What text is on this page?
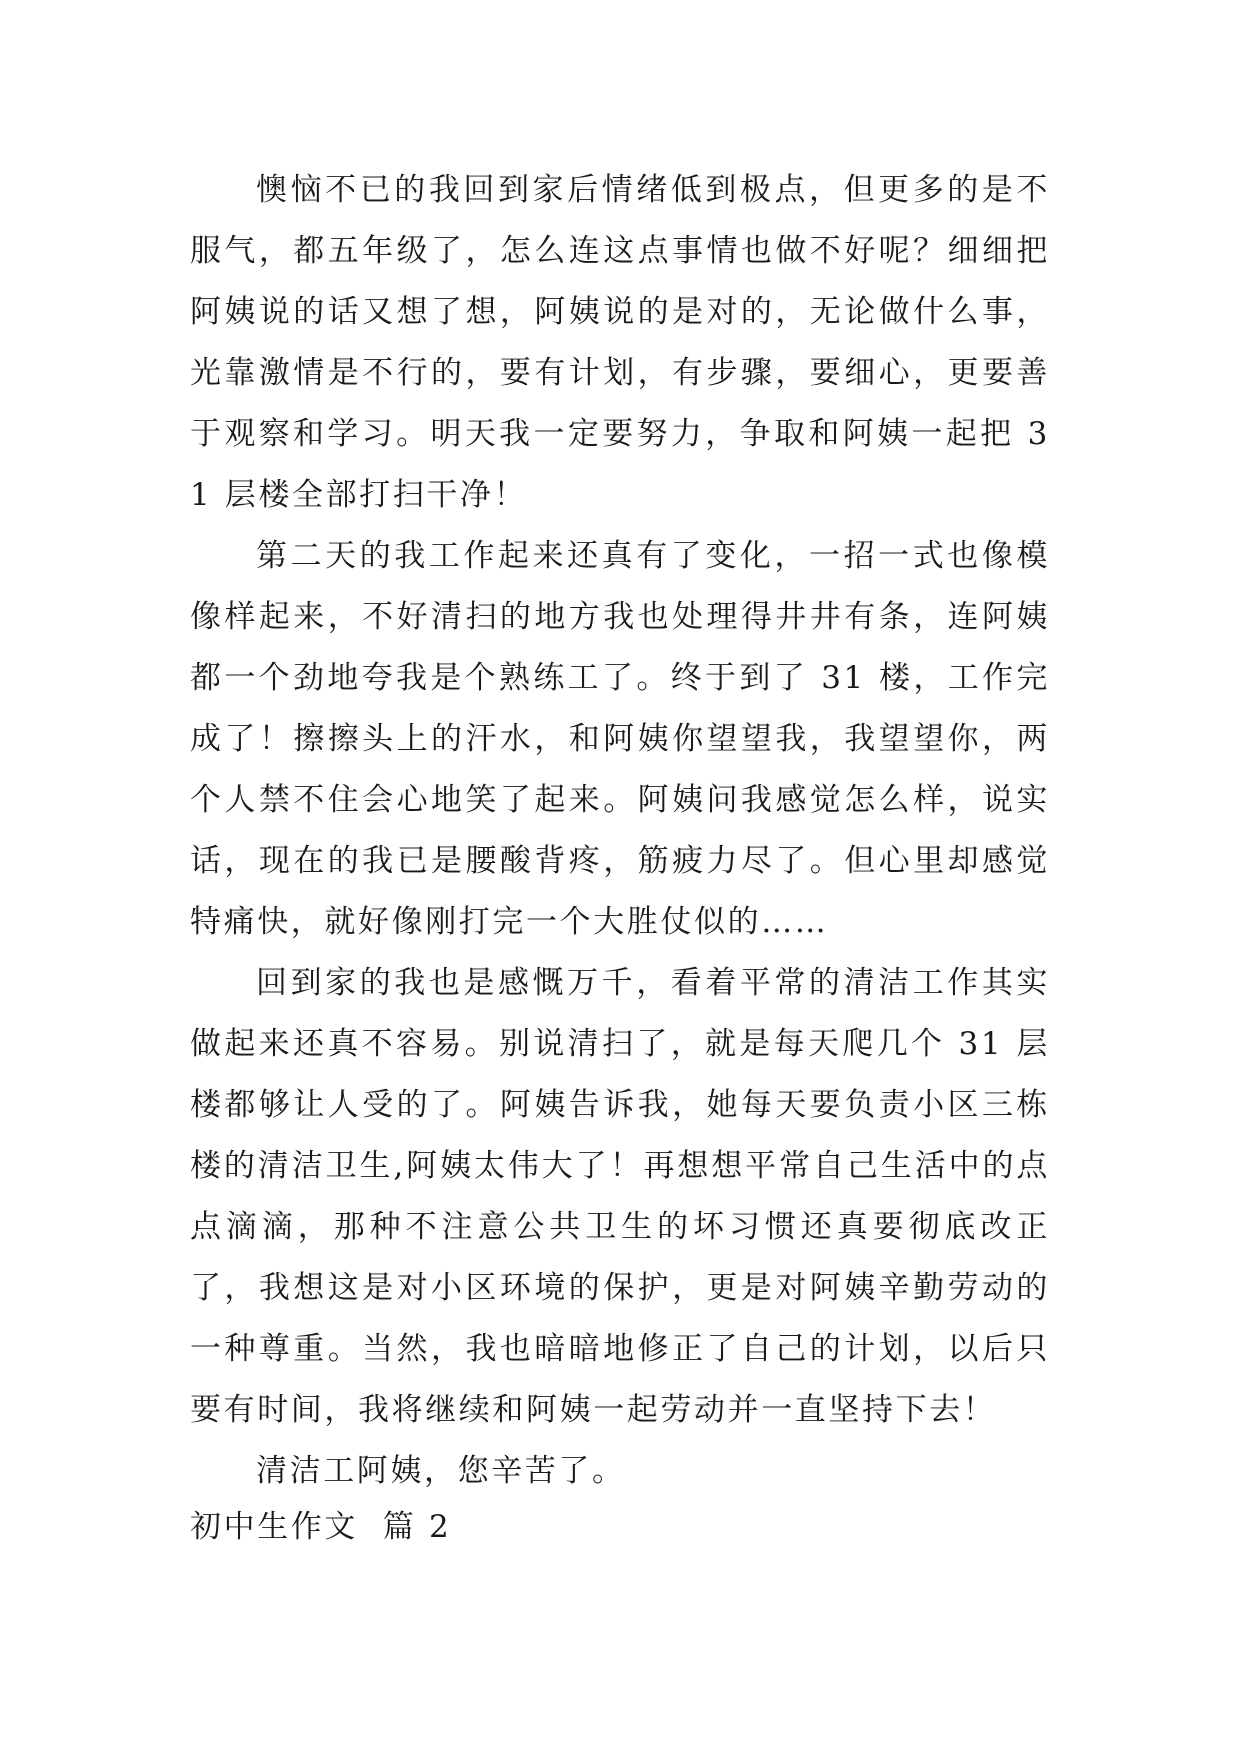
懊恼不已的我回到家后情绪低到极点，但更多的是不服气，都五年级了，怎么连这点事情也做不好呢？细细把阿姨说的话又想了想，阿姨说的是对的，无论做什么事，光靠激情是不行的，要有计划，有步骤，要细心，更要善于观察和学习。明天我一定要努力，争取和阿姨一起把 31 层楼全部打扫干净！

第二天的我工作起来还真有了变化，一招一式也像模像样起来，不好清扫的地方我也处理得井井有条，连阿姨都一个劲地夸我是个熟练工了。终于到了 31 楼，工作完成了！擦擦头上的汗水，和阿姨你望望我，我望望你，两个人禁不住会心地笑了起来。阿姨问我感觉怎么样，说实话，现在的我已是腰酸背疼，筋疲力尽了。但心里却感觉特痛快，就好像刚打完一个大胜仗似的……

回到家的我也是感慨万千，看着平常的清洁工作其实做起来还真不容易。别说清扫了，就是每天爬几个 31 层楼都够让人受的了。阿姨告诉我，她每天要负责小区三栋楼的清洁卫生,阿姨太伟大了！再想想平常自己生活中的点点滴滴，那种不注意公共卫生的坏习惯还真要彻底改正了，我想这是对小区环境的保护，更是对阿姨辛勤劳动的一种尊重。当然，我也暗暗地修正了自己的计划，以后只要有时间，我将继续和阿姨一起劳动并一直坚持下去！

清洁工阿姨，您辛苦了。

初中生作文  篇 2
